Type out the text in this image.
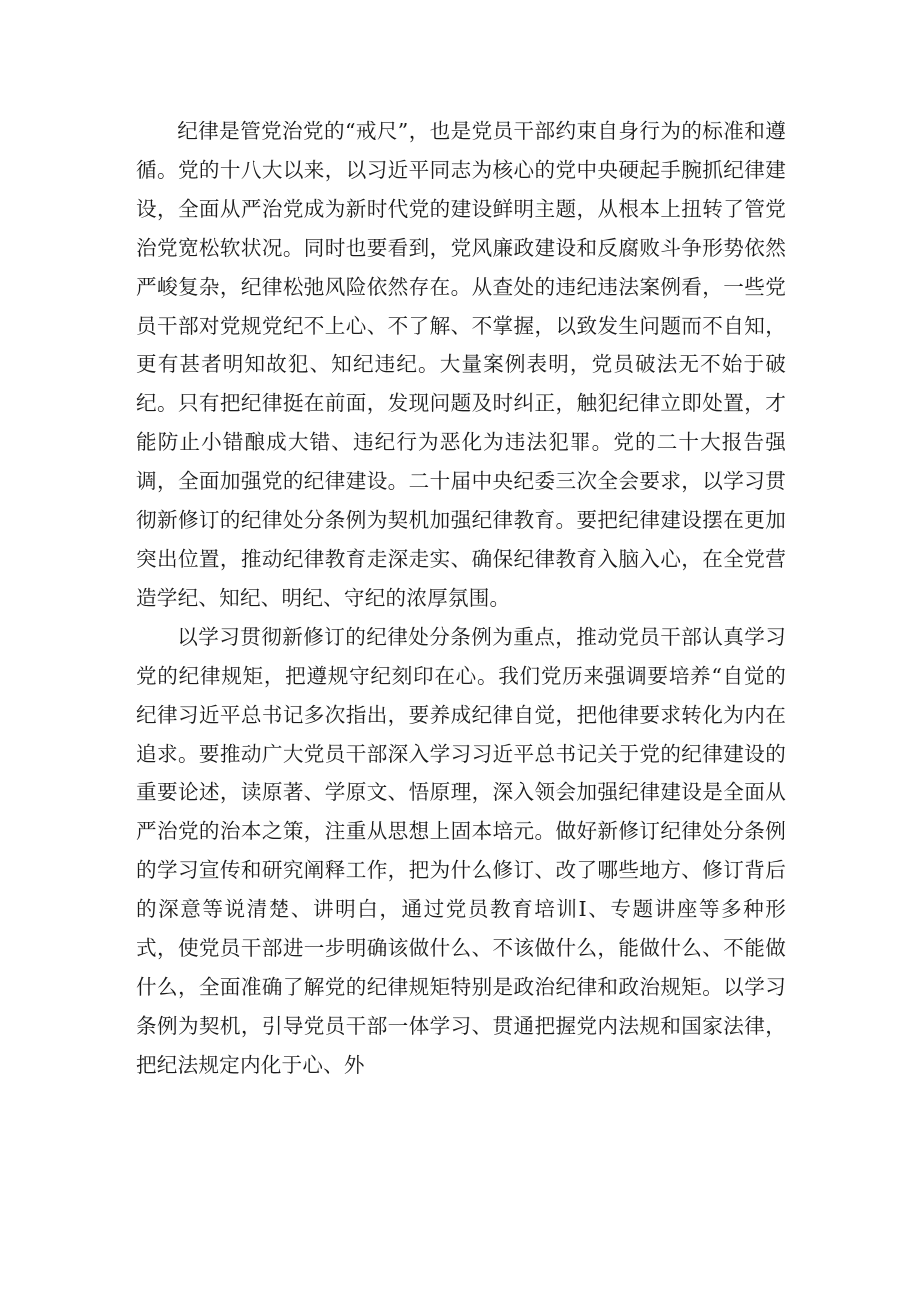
纪律是管党治党的“戒尺”，也是党员干部约束自身行为的标准和遵循。党的十八大以来，以习近平同志为核心的党中央硬起手腕抓纪律建设，全面从严治党成为新时代党的建设鲜明主题，从根本上扭转了管党治党宽松软状况。同时也要看到，党风廉政建设和反腐败斗争形势依然严峻复杂，纪律松弛风险依然存在。从查处的违纪违法案例看，一些党员干部对党规党纪不上心、不了解、不掌握，以致发生问题而不自知，更有甚者明知故犯、知纪违纪。大量案例表明，党员破法无不始于破纪。只有把纪律挺在前面，发现问题及时纠正，触犯纪律立即处置，才能防止小错酿成大错、违纪行为恶化为违法犯罪。党的二十大报告强调，全面加强党的纪律建设。二十届中央纪委三次全会要求，以学习贯彻新修订的纪律处分条例为契机加强纪律教育。要把纪律建设摆在更加突出位置，推动纪律教育走深走实、确保纪律教育入脑入心，在全党营造学纪、知纪、明纪、守纪的浓厚氛围。

以学习贯彻新修订的纪律处分条例为重点，推动党员干部认真学习党的纪律规矩，把遵规守纪刻印在心。我们党历来强调要培养“自觉的纪律习近平总书记多次指出，要养成纪律自觉，把他律要求转化为内在追求。要推动广大党员干部深入学习习近平总书记关于党的纪律建设的重要论述，读原著、学原文、悟原理，深入领会加强纪律建设是全面从严治党的治本之策，注重从思想上固本培元。做好新修订纪律处分条例的学习宣传和研究阐释工作，把为什么修订、改了哪些地方、修订背后的深意等说清楚、讲明白，通过党员教育培训I、专题讲座等多种形式，使党员干部进一步明确该做什么、不该做什么，能做什么、不能做什么，全面准确了解党的纪律规矩特别是政治纪律和政治规矩。以学习条例为契机，引导党员干部一体学习、贯通把握党内法规和国家法律，把纪法规定内化于心、外
